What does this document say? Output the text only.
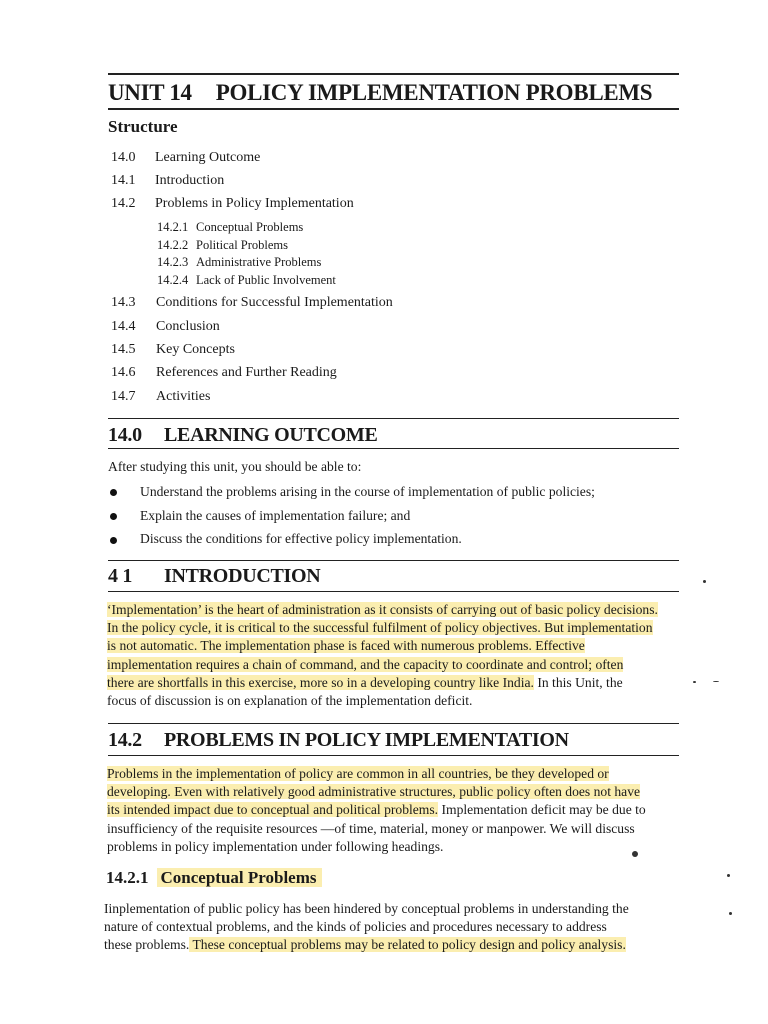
UNIT 14 POLICY IMPLEMENTATION PROBLEMS
Structure
14.0 Learning Outcome
14.1 Introduction
14.2 Problems in Policy Implementation
14.2.1 Conceptual Problems
14.2.2 Political Problems
14.2.3 Administrative Problems
14.2.4 Lack of Public Involvement
14.3 Conditions for Successful Implementation
14.4 Conclusion
14.5 Key Concepts
14.6 References and Further Reading
14.7 Activities
14.0 LEARNING OUTCOME
After studying this unit, you should be able to:
Understand the problems arising in the course of implementation of public policies;
Explain the causes of implementation failure; and
Discuss the conditions for effective policy implementation.
4 1 INTRODUCTION
‘Implementation’ is the heart of administration as it consists of carrying out of basic policy decisions.
In the policy cycle, it is critical to the successful fulfilment of policy objectives. But implementation
is not automatic. The implementation phase is faced with numerous problems. Effective
implementation requires a chain of command, and the capacity to coordinate and control; often
there are shortfalls in this exercise, more so in a developing country like India. In this Unit, the
focus of discussion is on explanation of the implementation deficit.
14.2 PROBLEMS IN POLICY IMPLEMENTATION
Problems in the implementation of policy are common in all countries, be they developed or
developing. Even with relatively good administrative structures, public policy often does not have
its intended impact due to conceptual and political problems. Implementation deficit may be due to
insufficiency of the requisite resources —of time, material, money or manpower. We will discuss
problems in policy implementation under following headings.
14.2.1 Conceptual Problems
Iinplementation of public policy has been hindered by conceptual problems in understanding the
nature of contextual problems, and the kinds of policies and procedures necessary to address
these problems. These conceptual problems may be related to policy design and policy analysis.
